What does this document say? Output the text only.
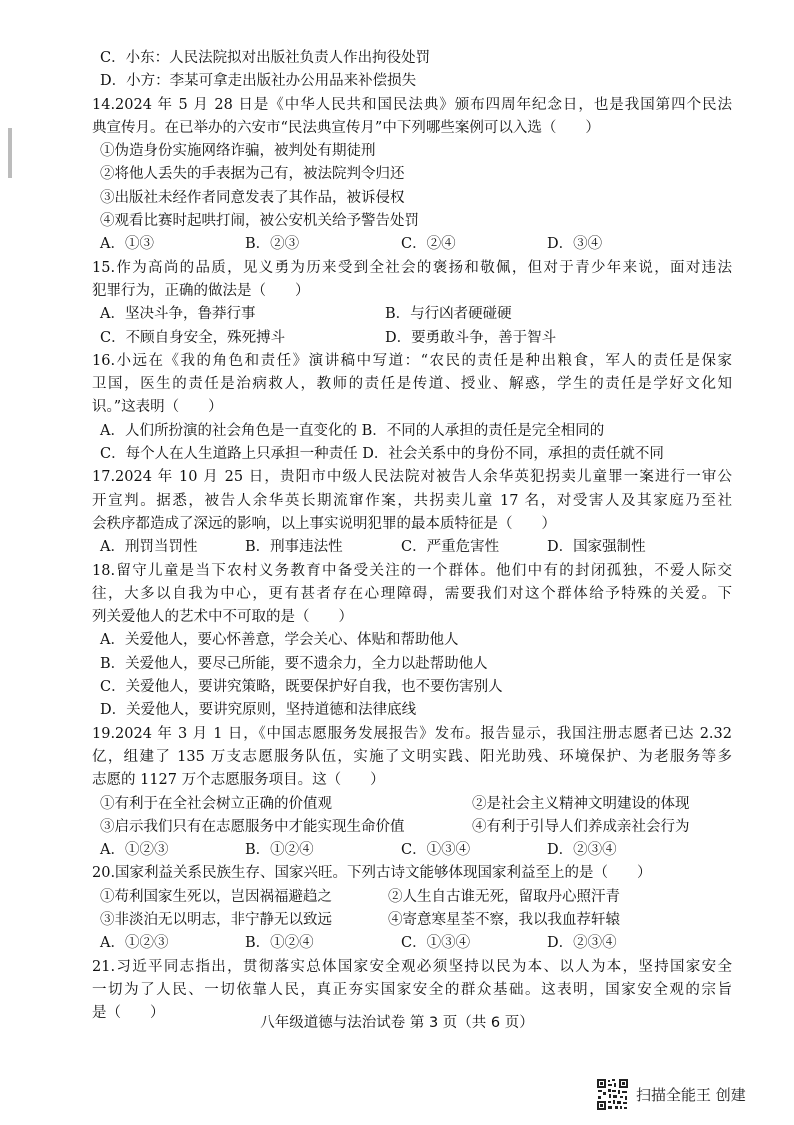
C．小东：人民法院拟对出版社负责人作出拘役处罚
D．小方：李某可拿走出版社办公用品来补偿损失
14.2024 年 5 月 28 日是《中华人民共和国民法典》颁布四周年纪念日，也是我国第四个民法
典宣传月。在已举办的六安市“民法典宣传月”中下列哪些案例可以入选（　　）
①伪造身份实施网络诈骗，被判处有期徒刑
②将他人丢失的手表据为己有，被法院判令归还
③出版社未经作者同意发表了其作品，被诉侵权
④观看比赛时起哄打闹，被公安机关给予警告处罚
A．①③	B．②③	C．②④	D．③④
15.作为高尚的品质，见义勇为历来受到全社会的褒扬和敬佩，但对于青少年来说，面对违法
犯罪行为，正确的做法是（　　）
A．坚决斗争，鲁莽行事	B．与行凶者硬碰硬
C．不顾自身安全，殊死搏斗	D．要勇敢斗争，善于智斗
16.小远在《我的角色和责任》演讲稿中写道：“农民的责任是种出粮食，军人的责任是保家
卫国，医生的责任是治病救人，教师的责任是传道、授业、解惑，学生的责任是学好文化知
识。”这表明（　　）
A．人们所扮演的社会角色是一直变化的 B．不同的人承担的责任是完全相同的
C．每个人在人生道路上只承担一种责任 D．社会关系中的身份不同，承担的责任就不同
17.2024 年 10 月 25 日，贵阳市中级人民法院对被告人余华英犯拐卖儿童罪一案进行一审公
开宣判。据悉，被告人余华英长期流窜作案，共拐卖儿童 17 名，对受害人及其家庭乃至社
会秩序都造成了深远的影响，以上事实说明犯罪的最本质特征是（　　）
A．刑罚当罚性	B．刑事违法性	C．严重危害性	D．国家强制性
18.留守儿童是当下农村义务教育中备受关注的一个群体。他们中有的封闭孤独，不爱人际交
往，大多以自我为中心，更有甚者存在心理障碍，需要我们对这个群体给予特殊的关爱。下
列关爱他人的艺术中不可取的是（　　）
A．关爱他人，要心怀善意，学会关心、体贴和帮助他人
B．关爱他人，要尽己所能，要不遗余力，全力以赴帮助他人
C．关爱他人，要讲究策略，既要保护好自我，也不要伤害别人
D．关爱他人，要讲究原则，坚持道德和法律底线
19.2024 年 3 月 1 日，《中国志愿服务发展报告》发布。报告显示，我国注册志愿者已达 2.32
亿，组建了 135 万支志愿服务队伍，实施了文明实践、阳光助残、环境保护、为老服务等多
志愿的 1127 万个志愿服务项目。这（　　）
①有利于在全社会树立正确的价值观	②是社会主义精神文明建设的体现
③启示我们只有在志愿服务中才能实现生命价值	④有利于引导人们养成亲社会行为
A．①②③	B．①②④	C．①③④	D．②③④
20.国家利益关系民族生存、国家兴旺。下列古诗文能够体现国家利益至上的是（　　）
①苟利国家生死以，岂因祸福避趋之	②人生自古谁无死，留取丹心照汗青
③非淡泊无以明志，非宁静无以致远	④寄意寒星荃不察，我以我血荐轩辕
A．①②③	B．①②④	C．①③④	D．②③④
21.习近平同志指出，贯彻落实总体国家安全观必须坚持以民为本、以人为本，坚持国家安全
一切为了人民、一切依靠人民，真正夯实国家安全的群众基础。这表明，国家安全观的宗旨
是（　　）
八年级道德与法治试卷 第 3 页（共 6 页）
扫描全能王 创建
